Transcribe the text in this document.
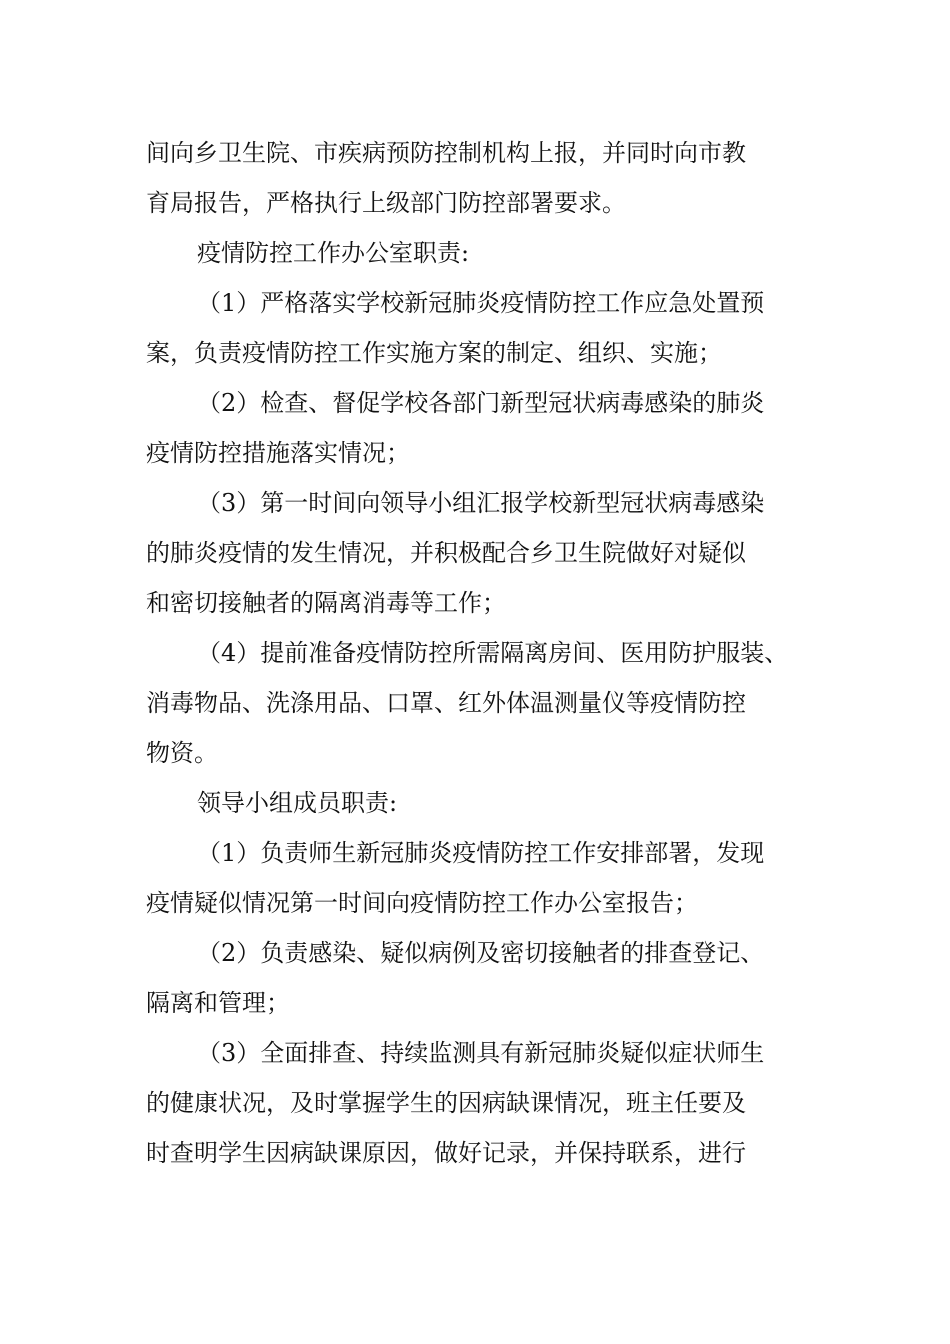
间向乡卫生院、市疾病预防控制机构上报，并同时向市教
育局报告，严格执行上级部门防控部署要求。
疫情防控工作办公室职责:
（1）严格落实学校新冠肺炎疫情防控工作应急处置预
案，负责疫情防控工作实施方案的制定、组织、实施；
（2）检查、督促学校各部门新型冠状病毒感染的肺炎
疫情防控措施落实情况；
（3）第一时间向领导小组汇报学校新型冠状病毒感染
的肺炎疫情的发生情况，并积极配合乡卫生院做好对疑似
和密切接触者的隔离消毒等工作；
（4）提前准备疫情防控所需隔离房间、医用防护服装、
消毒物品、洗涤用品、口罩、红外体温测量仪等疫情防控
物资。
领导小组成员职责:
（1）负责师生新冠肺炎疫情防控工作安排部署，发现
疫情疑似情况第一时间向疫情防控工作办公室报告；
（2）负责感染、疑似病例及密切接触者的排查登记、
隔离和管理；
（3）全面排查、持续监测具有新冠肺炎疑似症状师生
的健康状况，及时掌握学生的因病缺课情况，班主任要及
时查明学生因病缺课原因，做好记录，并保持联系，进行
